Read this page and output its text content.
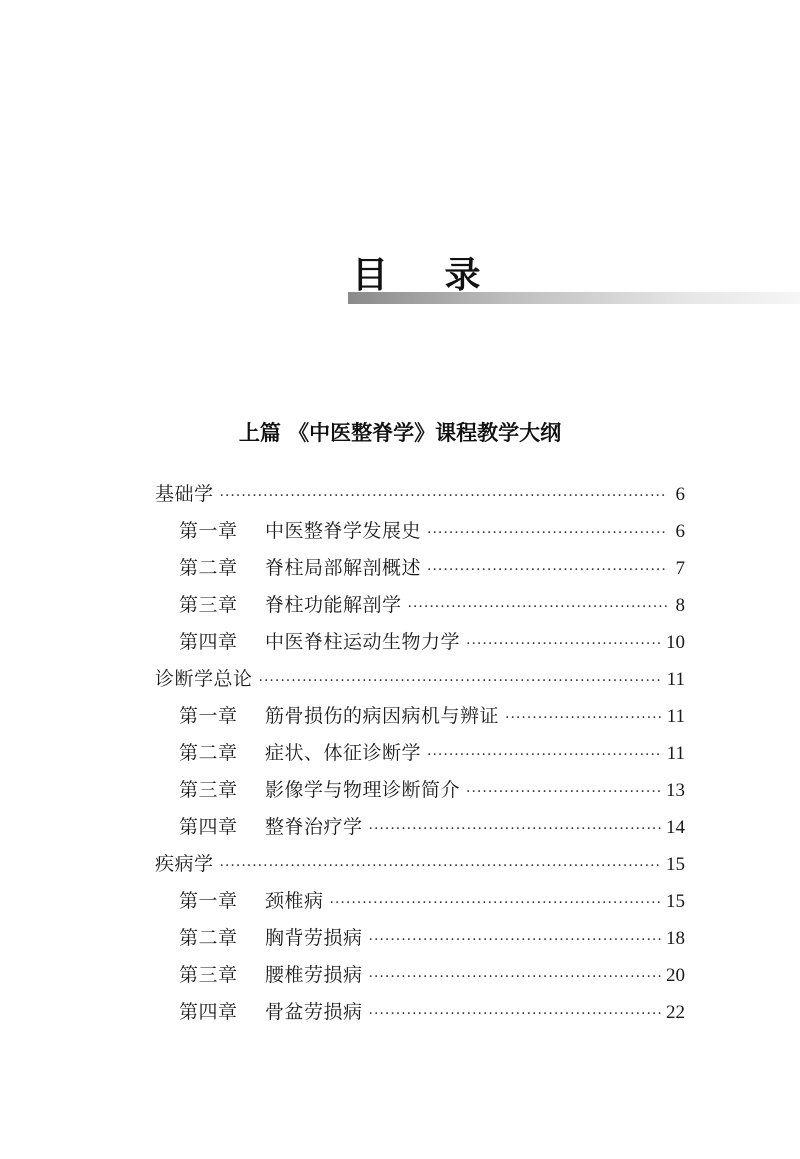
目 录
上篇 《中医整脊学》课程教学大纲
基础学 ·····	6
第一章 中医整脊学发展史 ·····	6
第二章 脊柱局部解剖概述 ·····	7
第三章 脊柱功能解剖学 ·····	8
第四章 中医脊柱运动生物力学 ·····	10
诊断学总论 ·····	11
第一章 筋骨损伤的病因病机与辨证 ·····	11
第二章 症状、体征诊断学 ·····	11
第三章 影像学与物理诊断简介 ·····	13
第四章 整脊治疗学 ·····	14
疾病学 ·····	15
第一章 颈椎病 ·····	15
第二章 胸背劳损病 ·····	18
第三章 腰椎劳损病 ·····	20
第四章 骨盆劳损病 ·····	22
